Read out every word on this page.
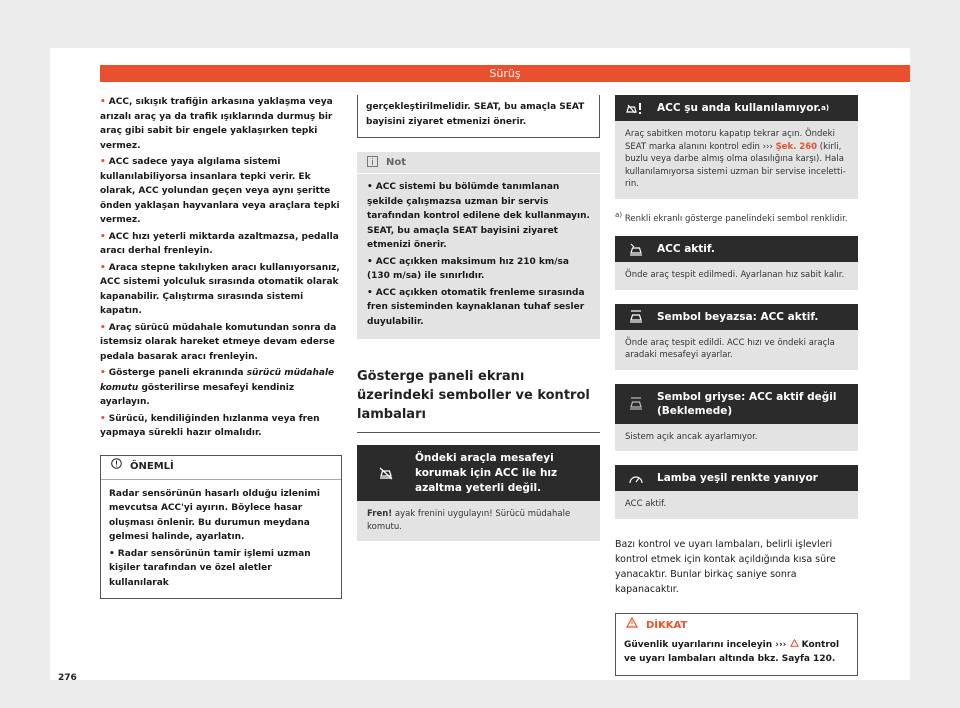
Sürüş

• ACC, sıkışık trafiğin arkasına yaklaşma veya arızalı araç ya da trafik ışıklarında durmuş bir araç gibi sabit bir engele yaklaşırken tepki vermez.

• ACC sadece yaya algılama sistemi kullanılabiliyorsa insanlara tepki verir. Ek olarak, ACC yolundan geçen veya aynı şeritte önden yaklaşan hayvanlara veya araçlara tepki vermez.

• ACC hızı yeterli miktarda azaltmazsa, pedalla aracı derhal frenleyin.

• Araca stepne takılıyken aracı kullanıyorsanız, ACC sistemi yolculuk sırasında otomatik olarak kapanabilir. Çalıştırma sırasında sistemi kapatın.

• Araç sürücü müdahale komutundan sonra da istemsiz olarak hareket etmeye devam ederse pedala basarak aracı frenleyin.

• Gösterge paneli ekranında sürücü müdahale komutu gösterilirse mesafeyi kendiniz ayarlayın.

• Sürücü, kendiliğinden hızlanma veya fren yapmaya sürekli hazır olmalıdır.

ÖNEMLİ

Radar sensörünün hasarlı olduğu izlenimi mevcutsa ACC'yi ayırın. Böylece hasar oluşması önlenir. Bu durumun meydana gelmesi halinde, ayarlatın.

• Radar sensörünün tamir işlemi uzman kişiler tarafından ve özel aletler kullanılarak

gerçekleştirilmelidir. SEAT, bu amaçla SEAT bayisini ziyaret etmenizi önerir.

Not

• ACC sistemi bu bölümde tanımlanan şekilde çalışmazsa uzman bir servis tarafından kontrol edilene dek kullanmayın. SEAT, bu amaçla SEAT bayisini ziyaret etmenizi önerir.

• ACC açıkken maksimum hız 210 km/sa (130 m/sa) ile sınırlıdır.

• ACC açıkken otomatik frenleme sırasında fren sisteminden kaynaklanan tuhaf sesler duyulabilir.

Gösterge paneli ekranı üzerindeki semboller ve kontrol lambaları
Öndeki araçla mesafeyi korumak için ACC ile hız azaltma yeterli değil.
Fren! ayak frenini uygulayın! Sürücü müdahale komutu.
ACC şu anda kullanılamıyor. a)
Araç sabitken motoru kapatıp tekrar açın. Öndeki SEAT marka alanını kontrol edin ››› Şek. 260 (kirli, buzlu veya darbe almış olma olasılığına karşı). Hala kullanılamıyorsa sistemi uzman bir servise incelettirin.

$^{a)}$ Renkli ekranlı gösterge panelindeki sembol renklidir.

ACC aktif.
Önde araç tespit edilmedi. Ayarlanan hız sabit kalır.
Sembol beyazsa: ACC aktif.
Önde araç tespit edildi. ACC hızı ve öndeki araçla aradaki mesafeyi ayarlar.
Sembol griyse: ACC aktif değil (Beklemede)
Sistem açık ancak ayarlamıyor.
Lamba yeşil renkte yanıyor
ACC aktif.

Bazı kontrol ve uyarı lambaları, belirli işlevleri kontrol etmek için kontak açıldığında kısa süre yanacaktır. Bunlar birkaç saniye sonra kapanacaktır.

DİKKAT

Güvenlik uyarılarını inceleyin ›››  Kontrol ve uyarı lambaları altında bkz. Sayfa 120.

276
